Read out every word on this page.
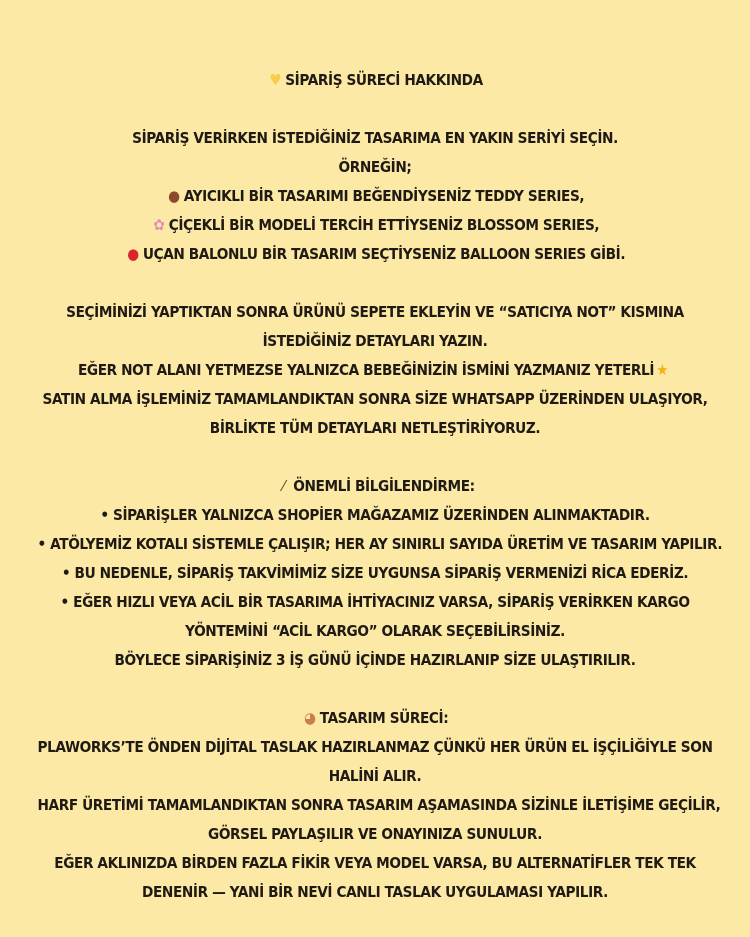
♥ SİPARİŞ SÜRECİ HAKKINDA
SİPARİŞ VERİRKEN İSTEDİĞİNİZ TASARIMA EN YAKIN SERİYİ SEÇİN.
ÖRNEĞİN;
● AYICIKLI BİR TASARIMI BEĞENDİYSENİZ TEDDY SERIES,
✿ ÇİÇEKLİ BİR MODELİ TERCİH ETTİYSENİZ BLOSSOM SERIES,
● UÇAN BALONLU BİR TASARIM SEÇTİYSENİZ BALLOON SERIES GİBİ.
SEÇİMİNİZİ YAPTIKTAN SONRA ÜRÜNÜ SEPETE EKLEYİN VE “SATICIYA NOT” KISMINA
İSTEDİĞİNİZ DETAYLARI YAZIN.
EĞER NOT ALANI YETMEZSE YALNIZCA BEBEĞİNİZİN İSMİNİ YAZMANIZ YETERLİ ★
SATIN ALMA İŞLEMİNİZ TAMAMLANDIKTAN SONRA SİZE WHATSAPP ÜZERİNDEN ULAŞIYOR,
BİRLİKTE TÜM DETAYLARI NETLEŞTİRİYORUZ.
⁄ ÖNEMLİ BİLGİLENDİRME:
• SİPARİŞLER YALNIZCA SHOPİER MAĞAZAMIZ ÜZERİNDEN ALINMAKTADIR.
• ATÖLYEMİZ KOTALI SİSTEMLE ÇALIŞIR; HER AY SINIRLI SAYIDA ÜRETİM VE TASARIM YAPILIR.
• BU NEDENLE, SİPARİŞ TAKVİMİMİZ SİZE UYGUNSA SİPARİŞ VERMENİZİ RİCA EDERİZ.
• EĞER HIZLI VEYA ACİL BİR TASARIMA İHTİYACINIZ VARSA, SİPARİŞ VERİRKEN KARGO
YÖNTEMİNİ “ACİL KARGO” OLARAK SEÇEBİLİRSİNİZ.
BÖYLECE SİPARİŞİNİZ 3 İŞ GÜNÜ İÇİNDE HAZIRLANIP SİZE ULAŞTIRILIR.
◕ TASARIM SÜRECİ:
PLAWORKS’TE ÖNDEN DİJİTAL TASLAK HAZIRLANMAZ ÇÜNKÜ HER ÜRÜN EL İŞÇİLİĞİYLE SON
HALİNİ ALIR.
HARF ÜRETİMİ TAMAMLANDIKTAN SONRA TASARIM AŞAMASINDA SİZİNLE İLETİŞİME GEÇİLİR,
GÖRSEL PAYLAŞILIR VE ONAYINIZA SUNULUR.
EĞER AKLINIZDA BİRDEN FAZLA FİKİR VEYA MODEL VARSA, BU ALTERNATİFLER TEK TEK
DENENİR — YANİ BİR NEVİ CANLI TASLAK UYGULAMASI YAPILIR.
